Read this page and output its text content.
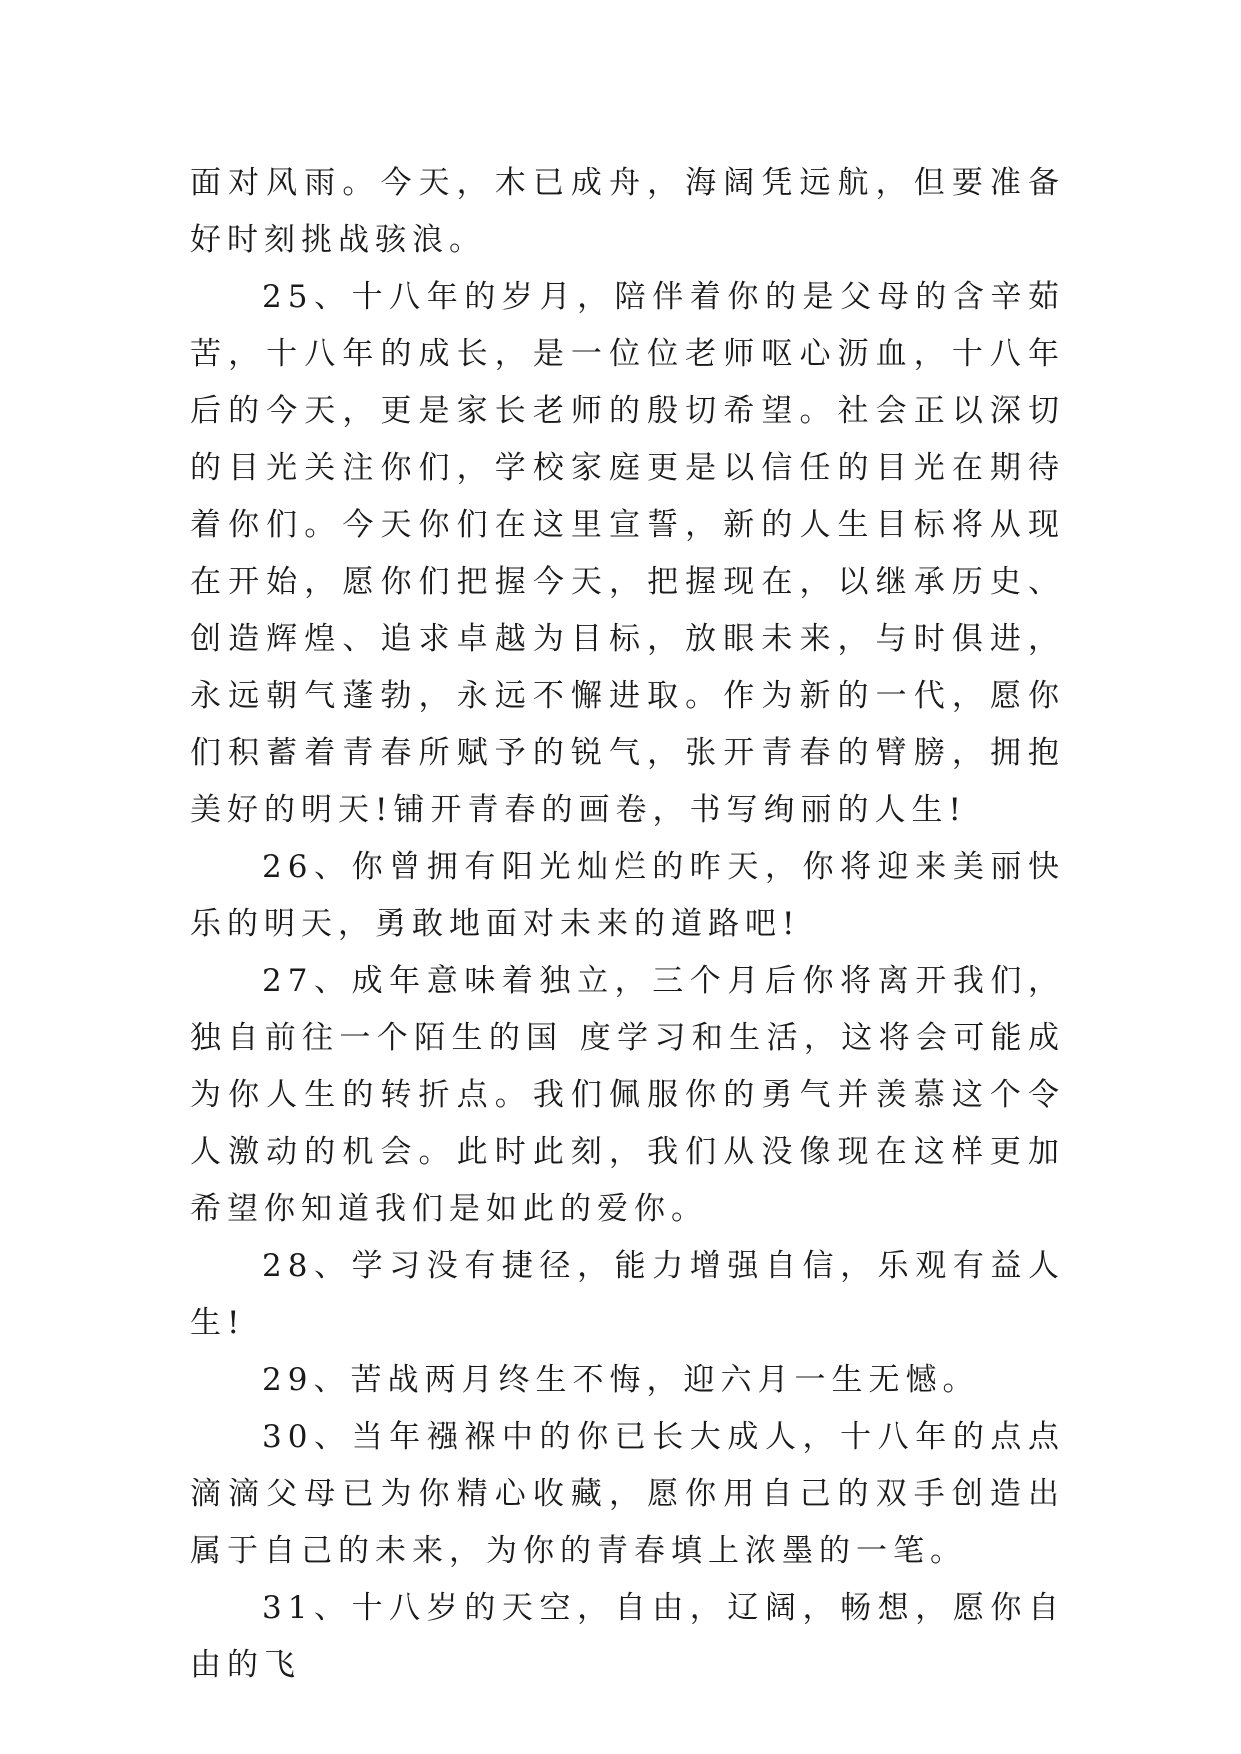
面对风雨。今天，木已成舟，海阔凭远航，但要准备好时刻挑战骇浪。

25、十八年的岁月，陪伴着你的是父母的含辛茹苦，十八年的成长，是一位位老师呕心沥血，十八年后的今天，更是家长老师的殷切希望。社会正以深切的目光关注你们，学校家庭更是以信任的目光在期待着你们。今天你们在这里宣誓，新的人生目标将从现在开始，愿你们把握今天，把握现在，以继承历史、创造辉煌、追求卓越为目标，放眼未来，与时俱进，永远朝气蓬勃，永远不懈进取。作为新的一代，愿你们积蓄着青春所赋予的锐气，张开青春的臂膀，拥抱美好的明天!铺开青春的画卷，书写绚丽的人生!

26、你曾拥有阳光灿烂的昨天，你将迎来美丽快乐的明天，勇敢地面对未来的道路吧!

27、成年意味着独立，三个月后你将离开我们，独自前往一个陌生的国 度学习和生活，这将会可能成为你人生的转折点。我们佩服你的勇气并羡慕这个令人激动的机会。此时此刻，我们从没像现在这样更加希望你知道我们是如此的爱你。

28、学习没有捷径，能力增强自信，乐观有益人生!

29、苦战两月终生不悔，迎六月一生无憾。

30、当年襁褓中的你已长大成人，十八年的点点滴滴父母已为你精心收藏，愿你用自己的双手创造出属于自己的未来，为你的青春填上浓墨的一笔。

31、十八岁的天空，自由，辽阔，畅想，愿你自由的飞
